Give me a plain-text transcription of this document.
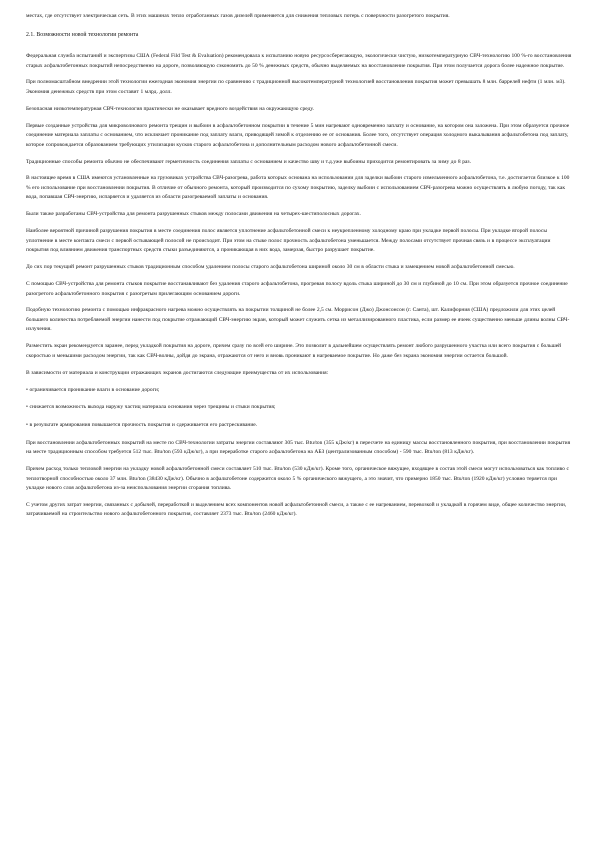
местах, где отсутствует электрическая сеть. В этих машинах тепло отработанных газов дизелей применяется для снижения тепловых потерь с поверхности разогретого покрытия.

2.1. Возможности новой технологии ремонта

Федеральная служба испытаний и экспертизы США (Federal Fild Test & Evaluation) рекомендовала к испытанию новую ресурсосберегающую, экологически чистую, низкотемпературную СВЧ-технологию 100 %-го восстановления старых асфальтобетонных покрытий непосредственно на дороге, позволяющую сэкономить до 50 % денежных средств, обычно выделяемых на восстановление покрытия. При этом получается дорога более надежное покрытие.

При полномасштабном внедрении этой технологии ежегодная экономия энергии по сравнению с традиционной высокотемпературной технологией восстановления покрытия может превышать 8 млн. баррелей нефти (1 млн. м3). Экономия денежных средств при этом составит 1 млрд. долл.

Безопасная низкотемпературная СВЧ-технология практически не оказывает вредного воздействия на окружающую среду.

Первые созданные устройства для микроволнового ремонта трещин и выбоин в асфальтобетонном покрытии в течение 5 мин нагревают одновременно заплату и основание, на котором она заложена. При этом образуется прочное соединение материала заплаты с основанием, что исключает проникание под заплату влаги, приводящей зимой к отделению ее от основания. Более того, отсутствует операция холодного выкалывания асфальтобетона под заплату, которое сопровождается образованием требующих утилизации кусков старого асфальтобетона и дополнительным расходом нового асфальтобетонной смеси.

Традиционные способы ремонта обычно не обеспечивают герметичность соединения заплаты с основанием и качество шву и т.д.уже выбоины приходится ремонтировать за зиму до 8 раз.

В настоящее время в США имеются установленные на грузовиках устройства СВЧ-разогрева, работа которых основана на использовании для заделки выбоин старого измельченного асфальтобетона, т.е. достигается близкое к 100 % его использование при восстановлении покрытия. В отличие от обычного ремонта, который производится по сухому покрытию, заделку выбоин с использованием СВЧ-разогрева можно осуществлять в любую погоду, так как вода, попавшая СВЧ-энергию, испаряется и удаляется из области разогреваемой заплаты и основания.

Были также разработаны СВЧ-устройства для ремонта разрушенных стыков между полосами движения на четырех-шестиполосных дорогах.

Наиболее вероятной причиной разрушения покрытия в месте соединения полос является уплотнение асфальтобетонной смеси к неукрепленному холодному краю при укладке первой полосы. При укладке второй полосы уплотнение в месте контакта смеси с первой остывающей полосой не происходит. При этом на стыке полос прочность асфальтобетона уменьшается. Между полосами отсутствует прочная связь и в процессе эксплуатации покрытия под влиянием движения транспортных средств стыки разъединяются, а проникающая в них вода, замерзая, быстро разрушает покрытие.

До сих пор текущий ремонт разрушенных стыков традиционным способом удалением полосы старого асфальтобетона шириной около 30 см в области стыка и замещением новой асфальтобетонной смесью.

С помощью СВЧ-устройства для ремонта стыков покрытие восстанавливают без удаления старого асфальтобетона, прогревая полосу вдоль стыка шириной до 30 см и глубиной до 10 см. При этом образуется прочное соединение разогретого асфальтобетонного покрытия с разогретым прилегающим основанием дороги.

Подобную технологию ремонта с помощью инфракрасного нагрева можно осуществлять на покрытии толщиной не более 2,5 см. Моррисон (Джо) Джонсонсон (г. Санта), шт. Калифорния (США) предложили для этих целей большего количества потребляемой энергии нанести под покрытие отражающий СВЧ-энергию экран, который может служить сетка из металлизированного пластика, если размер ее ячеек существенно меньше длины волны СВЧ-излучения.

Разместить экран рекомендуется заранее, перед укладкой покрытия на дороге, причем сразу по всей его ширине. Это позволит в дальнейшем осуществлять ремонт любого разрушенного участка или всего покрытия с большей скоростью и меньшими расходом энергии, так как СВЧ-волны, дойдя до экрана, отражаются от него и вновь проникают в нагреваемое покрытие. Но даже без экрана экономия энергии остается большой.

В зависимости от материала и конструкции отражающих экранов достигаются следующие преимущества от их использования:

• ограничивается проникание влаги в основание дороги;

• снижается возможность выхода наружу частиц материала основания через трещины и стыки покрытия;

• в результате армирования повышается прочность покрытия и сдерживается его растрескивание.

При восстановлении асфальтобетонных покрытий на месте по СВЧ-технологии затраты энергии составляют 305 тыс. Btu/ton (355 кДж/кг) в пересчете на единицу массы восстановленного покрытия, при восстановлении покрытия на месте традиционным способом требуется 512 тыс. Btu/ton (593 кДж/кг), а при переработке старого асфальтобетона на АБЗ (централизованным способом) - 590 тыс. Btu/ton (813 кДж/кг).

Причем расход только тепловой энергии на укладку новой асфальтобетонной смеси составляет 510 тыс. Btu/ton (530 кДж/кг). Кроме того, органическое вяжущее, входящее в состав этой смеси могут использоваться как топливо с теплотворной способностью около 37 млн. Btu/ton (38430 кДж/кг). Обычно в асфальтобетоне содержится около 5 % органического вяжущего, а это значит, что примерно 1850 тыс. Btu/ton (1920 кДж/кг) условно теряется при укладке нового слоя асфальтобетона из-за неиспользования энергии сгорания топлива.

С учетом других затрат энергии, связанных с добычей, переработкой и выделением всех компонентов новой асфальтобетонной смеси, а также с ее нагреванием, перевозкой и укладкой в горячем виде, общее количество энергии, затрачиваемой на строительство нового асфальтобетонного покрытия, составляет 2373 тыс. Btu/ton (2460 кДж/кг).
